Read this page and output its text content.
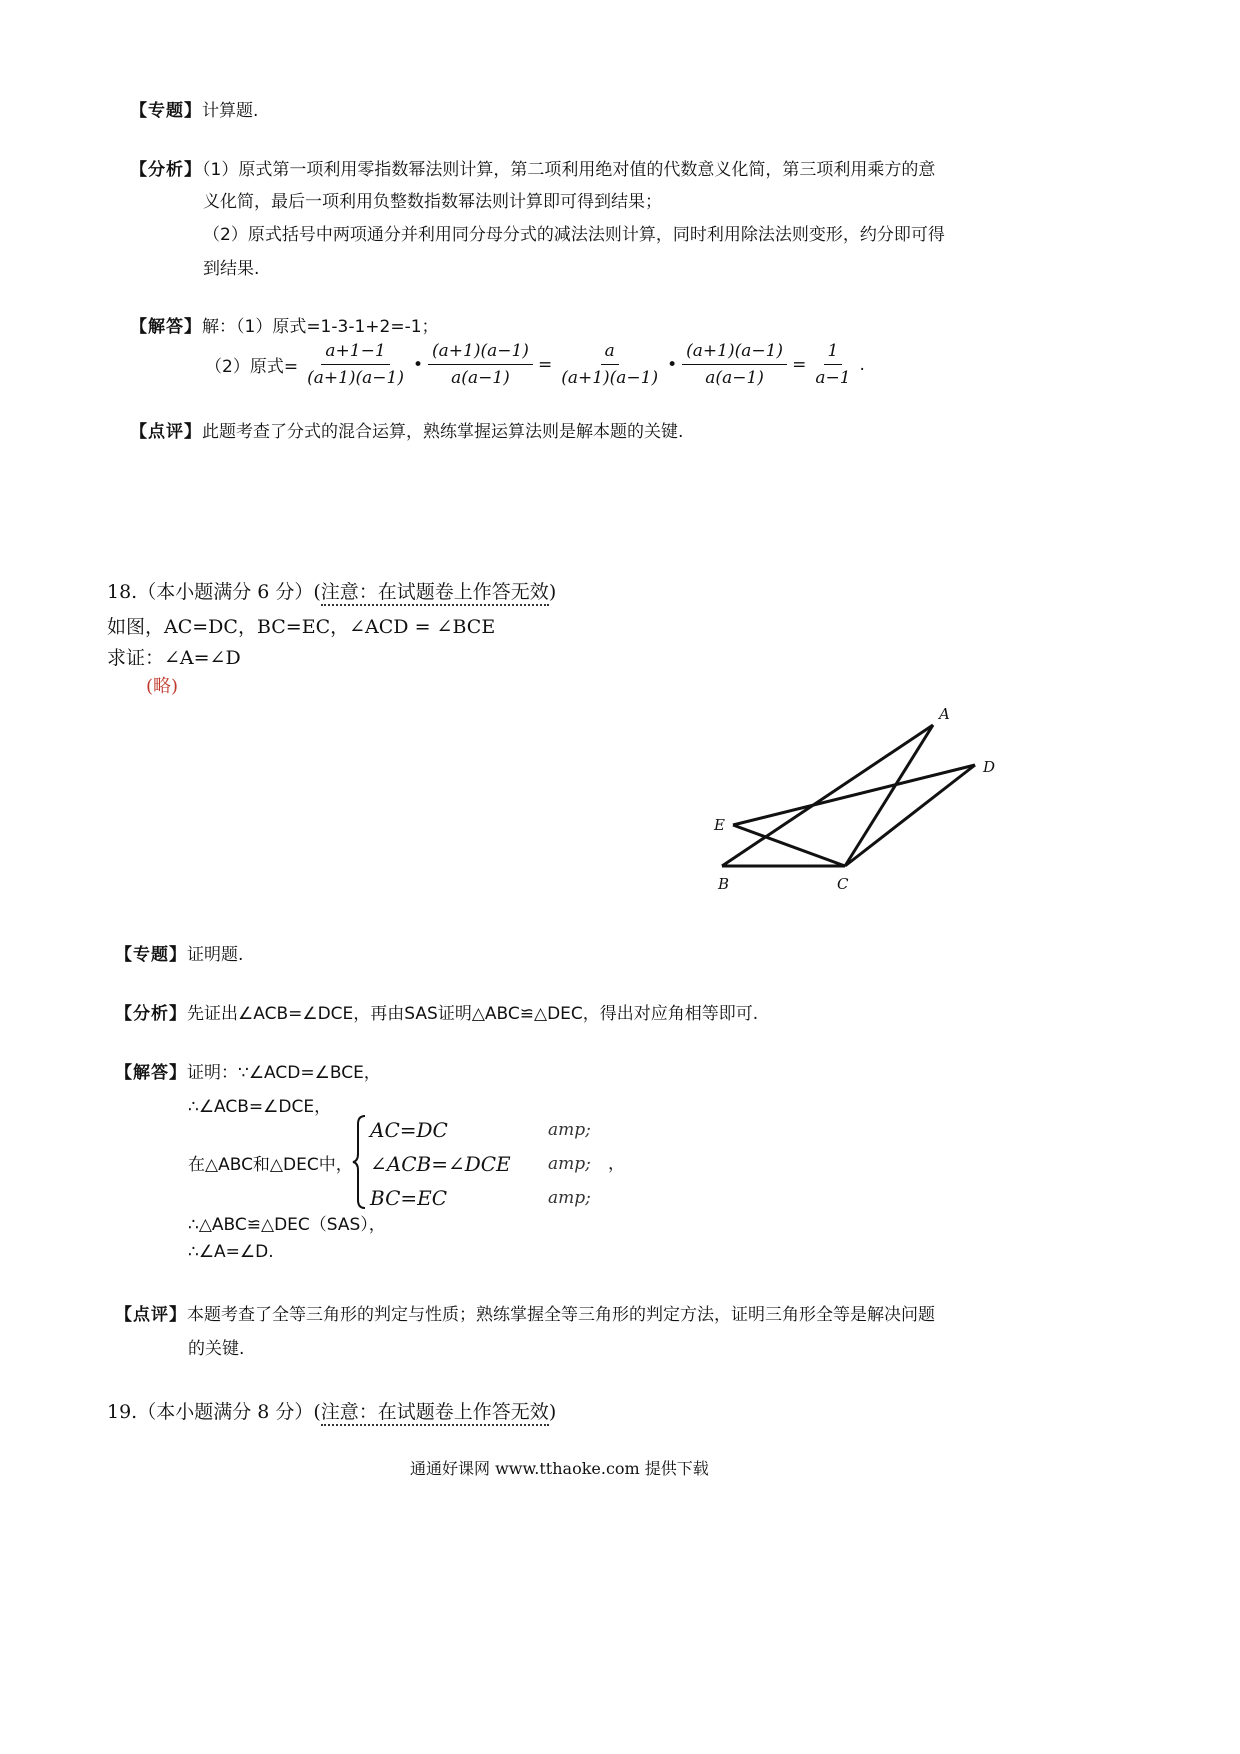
【专题】计算题.
【分析】（1）原式第一项利用零指数幂法则计算，第二项利用绝对值的代数意义化简，第三项利用乘方的意
义化简，最后一项利用负整数指数幂法则计算即可得到结果；
（2）原式括号中两项通分并利用同分母分式的减法法则计算，同时利用除法法则变形，约分即可得
到结果.
【解答】解：（1）原式=1-3-1+2=-1；
（2）原式= $\frac{a+1-1}{(a+1)(a-1)}$ • $\frac{(a+1)(a-1)}{a(a-1)} = \frac{a}{(a+1)(a-1)}$ • $\frac{(a+1)(a-1)}{a(a-1)} = \frac{1}{a-1}$ .
【点评】此题考查了分式的混合运算，熟练掌握运算法则是解本题的关键.
18.（本小题满分 6 分）(注意：在试题卷上作答无效)
如图，AC=DC，BC=EC，∠ACD = ∠BCE
求证：∠A=∠D
(略)
A
D
E
B	C
【专题】证明题.
【分析】先证出∠ACB=∠DCE，再由SAS证明△ABC≌△DEC，得出对应角相等即可.
【解答】证明：∵∠ACD=∠BCE，
∴∠ACB=∠DCE，
在△ABC和△DEC中，
AC=DC	amp;
∠ACB=∠DCE	amp;	，
BC=EC	amp;
∴△ABC≌△DEC（SAS），
∴∠A=∠D.
【点评】本题考查了全等三角形的判定与性质；熟练掌握全等三角形的判定方法，证明三角形全等是解决问题
的关键.
19.（本小题满分 8 分）(注意：在试题卷上作答无效)
通通好课网 www.tthaoke.com 提供下载
